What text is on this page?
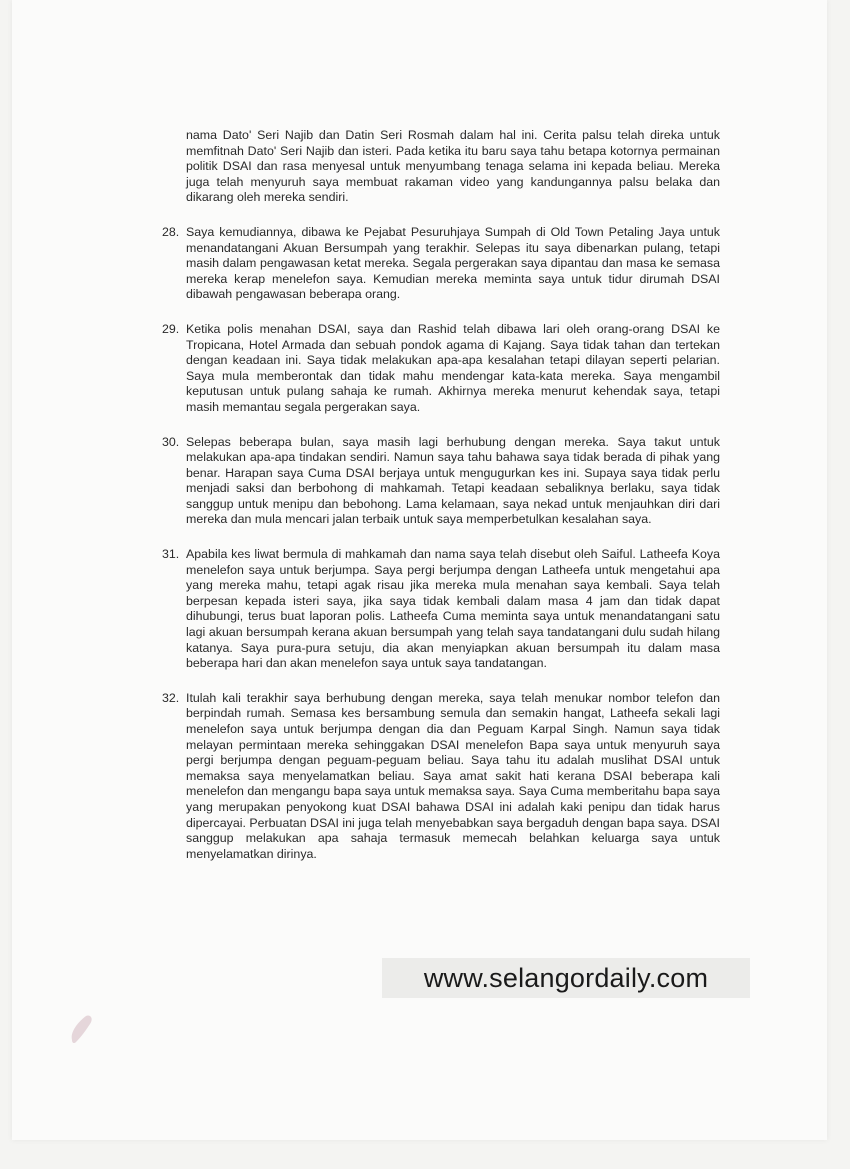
nama Dato' Seri Najib dan Datin Seri Rosmah dalam hal ini. Cerita palsu telah direka untuk memfitnah Dato' Seri Najib dan isteri. Pada ketika itu baru saya tahu betapa kotornya permainan politik DSAI dan rasa menyesal untuk menyumbang tenaga selama ini kepada beliau. Mereka juga telah menyuruh saya membuat rakaman video yang kandungannya palsu belaka dan dikarang oleh mereka sendiri.

28. Saya kemudiannya, dibawa ke Pejabat Pesuruhjaya Sumpah di Old Town Petaling Jaya untuk menandatangani Akuan Bersumpah yang terakhir. Selepas itu saya dibenarkan pulang, tetapi masih dalam pengawasan ketat mereka. Segala pergerakan saya dipantau dan masa ke semasa mereka kerap menelefon saya. Kemudian mereka meminta saya untuk tidur dirumah DSAI dibawah pengawasan beberapa orang.
29. Ketika polis menahan DSAI, saya dan Rashid telah dibawa lari oleh orang-orang DSAI ke Tropicana, Hotel Armada dan sebuah pondok agama di Kajang. Saya tidak tahan dan tertekan dengan keadaan ini. Saya tidak melakukan apa-apa kesalahan tetapi dilayan seperti pelarian. Saya mula memberontak dan tidak mahu mendengar kata-kata mereka. Saya mengambil keputusan untuk pulang sahaja ke rumah. Akhirnya mereka menurut kehendak saya, tetapi masih memantau segala pergerakan saya.
30. Selepas beberapa bulan, saya masih lagi berhubung dengan mereka. Saya takut untuk melakukan apa-apa tindakan sendiri. Namun saya tahu bahawa saya tidak berada di pihak yang benar. Harapan saya Cuma DSAI berjaya untuk mengugurkan kes ini. Supaya saya tidak perlu menjadi saksi dan berbohong di mahkamah. Tetapi keadaan sebaliknya berlaku, saya tidak sanggup untuk menipu dan bebohong. Lama kelamaan, saya nekad untuk menjauhkan diri dari mereka dan mula mencari jalan terbaik untuk saya memperbetulkan kesalahan saya.
31. Apabila kes liwat bermula di mahkamah dan nama saya telah disebut oleh Saiful. Latheefa Koya menelefon saya untuk berjumpa. Saya pergi berjumpa dengan Latheefa untuk mengetahui apa yang mereka mahu, tetapi agak risau jika mereka mula menahan saya kembali. Saya telah berpesan kepada isteri saya, jika saya tidak kembali dalam masa 4 jam dan tidak dapat dihubungi, terus buat laporan polis. Latheefa Cuma meminta saya untuk menandatangani satu lagi akuan bersumpah kerana akuan bersumpah yang telah saya tandatangani dulu sudah hilang katanya. Saya pura-pura setuju, dia akan menyiapkan akuan bersumpah itu dalam masa beberapa hari dan akan menelefon saya untuk saya tandatangan.
32. Itulah kali terakhir saya berhubung dengan mereka, saya telah menukar nombor telefon dan berpindah rumah. Semasa kes bersambung semula dan semakin hangat, Latheefa sekali lagi menelefon saya untuk berjumpa dengan dia dan Peguam Karpal Singh. Namun saya tidak melayan permintaan mereka sehinggakan DSAI menelefon Bapa saya untuk menyuruh saya pergi berjumpa dengan peguam-peguam beliau. Saya tahu itu adalah muslihat DSAI untuk memaksa saya menyelamatkan beliau. Saya amat sakit hati kerana DSAI beberapa kali menelefon dan mengangu bapa saya untuk memaksa saya. Saya Cuma memberitahu bapa saya yang merupakan penyokong kuat DSAI bahawa DSAI ini adalah kaki penipu dan tidak harus dipercayai. Perbuatan DSAI ini juga telah menyebabkan saya bergaduh dengan bapa saya. DSAI sanggup melakukan apa sahaja termasuk memecah belahkan keluarga saya untuk menyelamatkan dirinya.
www.selangordaily.com
